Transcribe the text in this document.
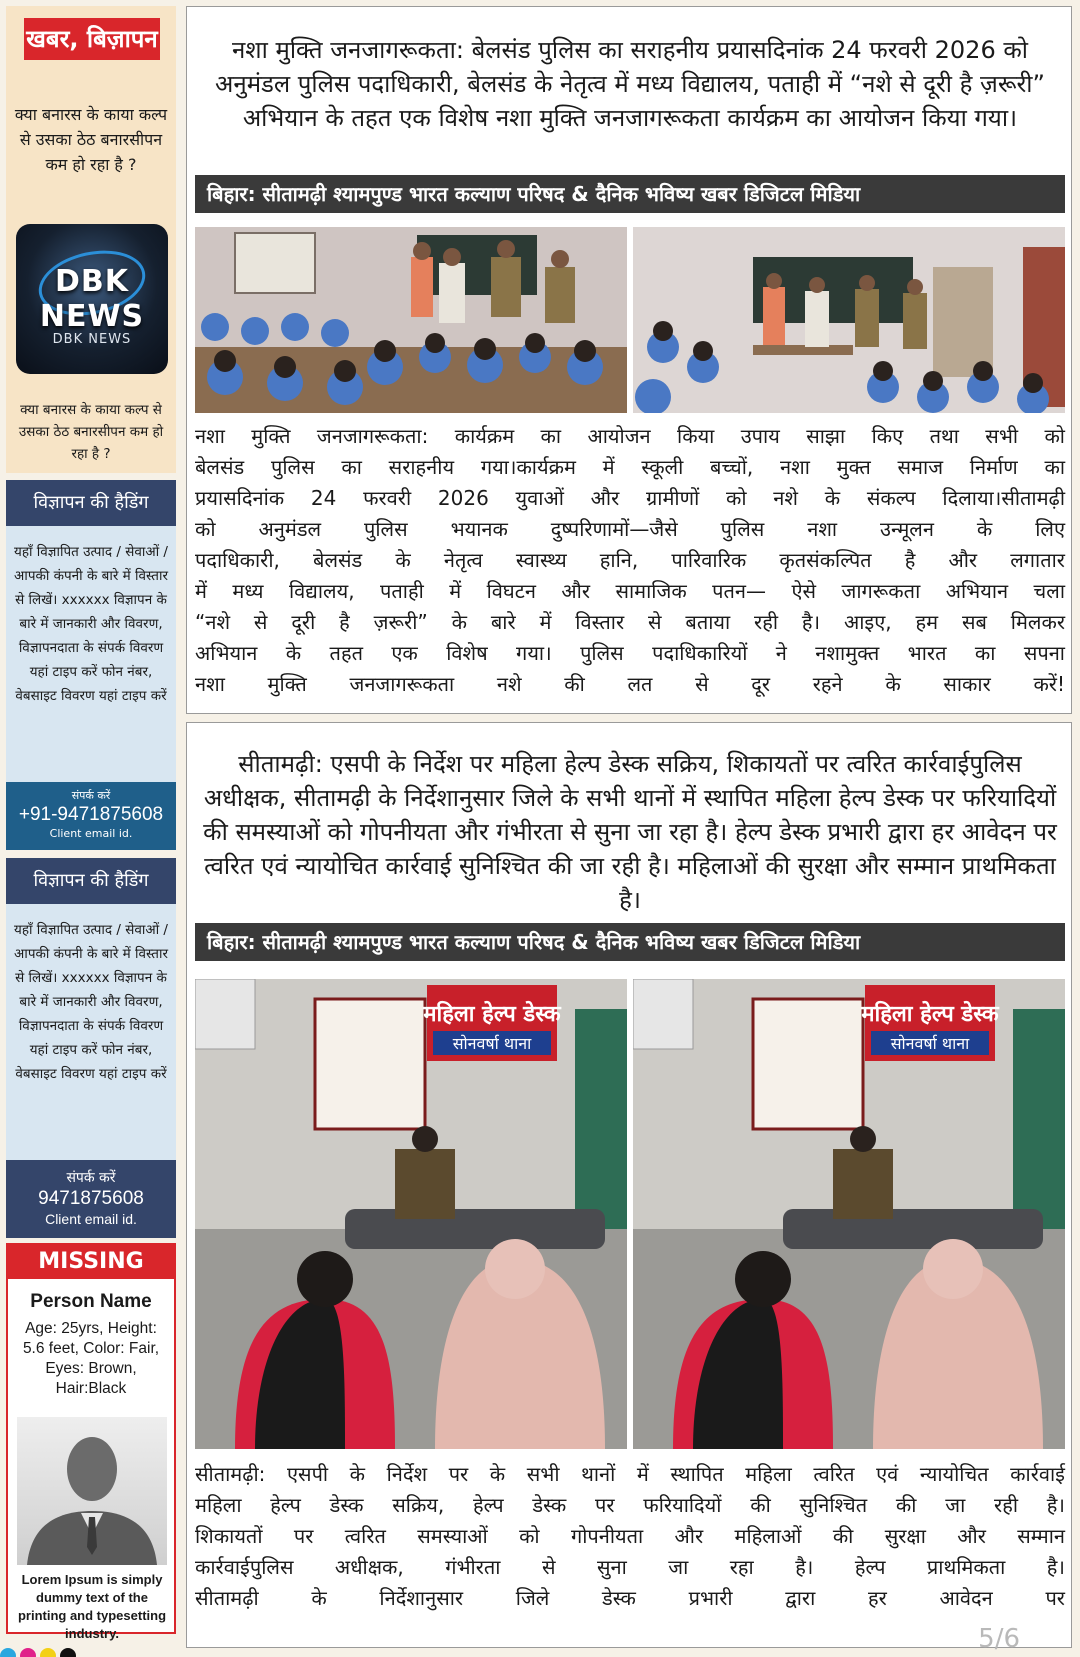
खबर, बिज़ापन
क्या बनारस के काया कल्प से उसका ठेठ बनारसीपन कम हो रहा है ?
DBK NEWS
DBK NEWS
क्या बनारस के काया कल्प से उसका ठेठ बनारसीपन कम हो रहा है ?
विज्ञापन की हैडिंग
यहाँ विज्ञापित उत्पाद / सेवाओं / आपकी कंपनी के बारे में विस्तार से लिखें। xxxxxx विज्ञापन के बारे में जानकारी और विवरण, विज्ञापनदाता के संपर्क विवरण यहां टाइप करें फोन नंबर, वेबसाइट विवरण यहां टाइप करें
संपर्क करें
+91-9471875608
Client email id.
विज्ञापन की हैडिंग
यहाँ विज्ञापित उत्पाद / सेवाओं / आपकी कंपनी के बारे में विस्तार से लिखें। xxxxxx विज्ञापन के बारे में जानकारी और विवरण, विज्ञापनदाता के संपर्क विवरण यहां टाइप करें फोन नंबर, वेबसाइट विवरण यहां टाइप करें
संपर्क करें
9471875608
Client email id.
MISSING
Person Name
Age: 25yrs, Height: 5.6 feet, Color: Fair, Eyes: Brown, Hair:Black
Lorem Ipsum is simply dummy text of the printing and typesetting industry.
नशा मुक्ति जनजागरूकता: बेलसंड पुलिस का सराहनीय प्रयासदिनांक 24 फरवरी 2026 को अनुमंडल पुलिस पदाधिकारी, बेलसंड के नेतृत्व में मध्य विद्यालय, पताही में “नशे से दूरी है ज़रूरी” अभियान के तहत एक विशेष नशा मुक्ति जनजागरूकता कार्यक्रम का आयोजन किया गया।
बिहार: सीतामढ़ी श्यामपुण्ड भारत कल्याण परिषद & दैनिक भविष्य खबर डिजिटल मिडिया
नशा मुक्ति जनजागरूकता: कार्यक्रम का आयोजन किया उपाय साझा किए तथा सभी को
बेलसंड पुलिस का सराहनीय गया।कार्यक्रम में स्कूली बच्चों, नशा मुक्त समाज निर्माण का
प्रयासदिनांक 24 फरवरी 2026 युवाओं और ग्रामीणों को नशे के संकल्प दिलाया।सीतामढ़ी
को अनुमंडल पुलिस भयानक दुष्परिणामों—जैसे पुलिस नशा उन्मूलन के लिए
पदाधिकारी, बेलसंड के नेतृत्व स्वास्थ्य हानि, पारिवारिक कृतसंकल्पित है और लगातार
में मध्य विद्यालय, पताही में विघटन और सामाजिक पतन— ऐसे जागरूकता अभियान चला
“नशे से दूरी है ज़रूरी” के बारे में विस्तार से बताया रही है। आइए, हम सब मिलकर
अभियान के तहत एक विशेष गया। पुलिस पदाधिकारियों ने नशामुक्त भारत का सपना
नशा मुक्ति जनजागरूकता नशे की लत से दूर रहने के साकार करें!
सीतामढ़ी: एसपी के निर्देश पर महिला हेल्प डेस्क सक्रिय, शिकायतों पर त्वरित कार्रवाईपुलिस अधीक्षक, सीतामढ़ी के निर्देशानुसार जिले के सभी थानों में स्थापित महिला हेल्प डेस्क पर फरियादियों की समस्याओं को गोपनीयता और गंभीरता से सुना जा रहा है। हेल्प डेस्क प्रभारी द्वारा हर आवेदन पर त्वरित एवं न्यायोचित कार्रवाई सुनिश्चित की जा रही है। महिलाओं की सुरक्षा और सम्मान प्राथमिकता है।
बिहार: सीतामढ़ी श्यामपुण्ड भारत कल्याण परिषद & दैनिक भविष्य खबर डिजिटल मिडिया
महिला हेल्प डेस्क
सोनवर्षा थाना
महिला हेल्प डेस्क
सोनवर्षा थाना
सीतामढ़ी: एसपी के निर्देश पर के सभी थानों में स्थापित महिला त्वरित एवं न्यायोचित कार्रवाई
महिला हेल्प डेस्क सक्रिय, हेल्प डेस्क पर फरियादियों की सुनिश्चित की जा रही है।
शिकायतों पर त्वरित समस्याओं को गोपनीयता और महिलाओं की सुरक्षा और सम्मान
कार्रवाईपुलिस अधीक्षक, गंभीरता से सुना जा रहा है। हेल्प प्राथमिकता है।
सीतामढ़ी के निर्देशानुसार जिले डेस्क प्रभारी द्वारा हर आवेदन पर
5/6
